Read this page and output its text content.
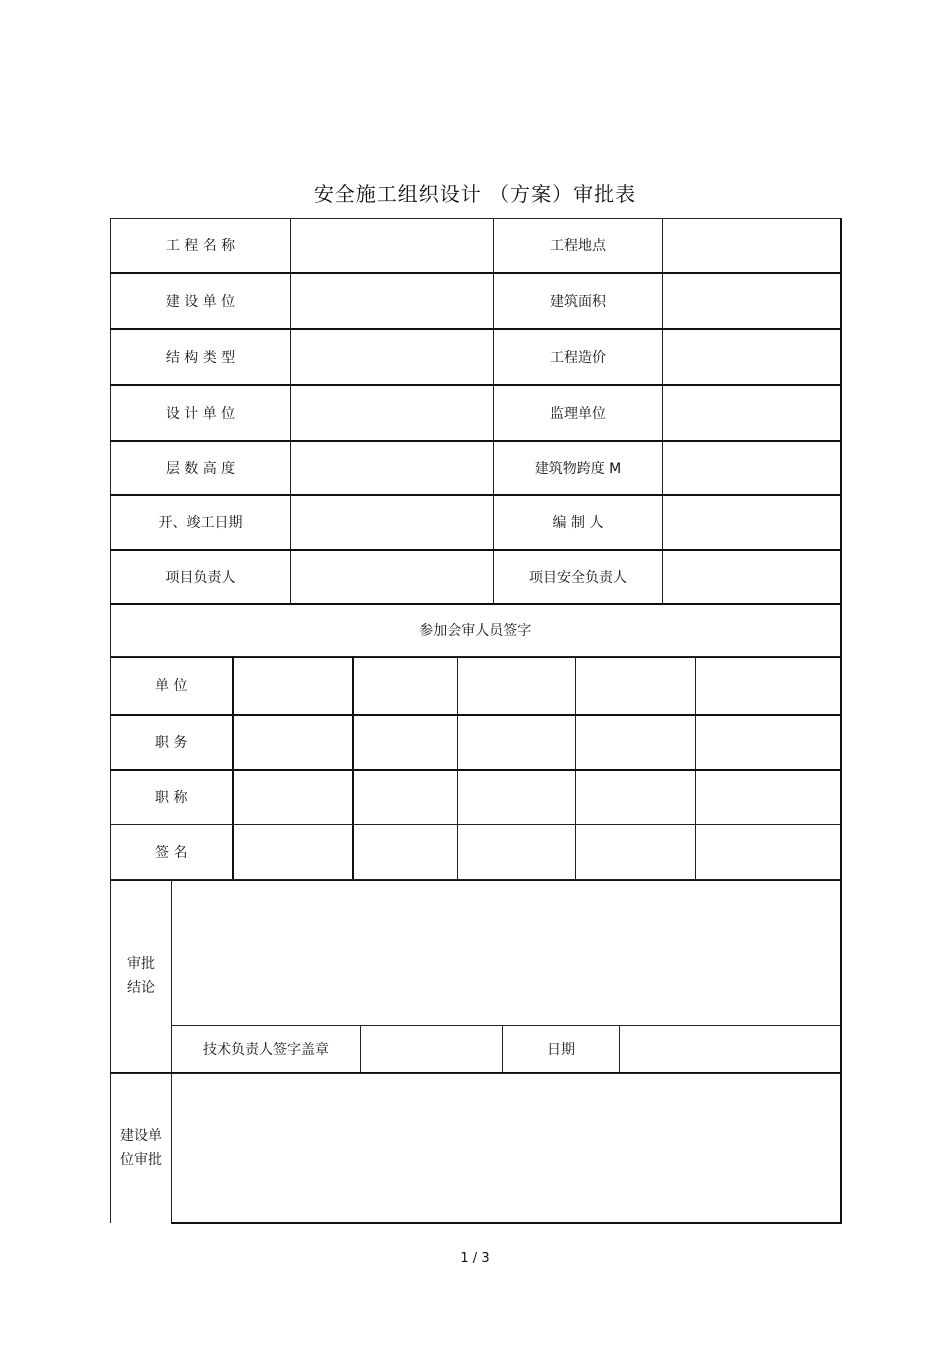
安全施工组织设计 （方案）审批表
工 程 名 称		工程地点	
建 设 单 位		建筑面积	
结 构 类 型		工程造价	
设 计 单 位		监理单位	
层 数 高 度		建筑物跨度 M	
开、竣工日期		编 制 人	
项目负责人		项目安全负责人	
参加会审人员签字			
单 位					
职 务					
职 称					
签 名					
审批
结论				

	技术负责人签字盖章		日期	
建设单
位审批

1 / 3
